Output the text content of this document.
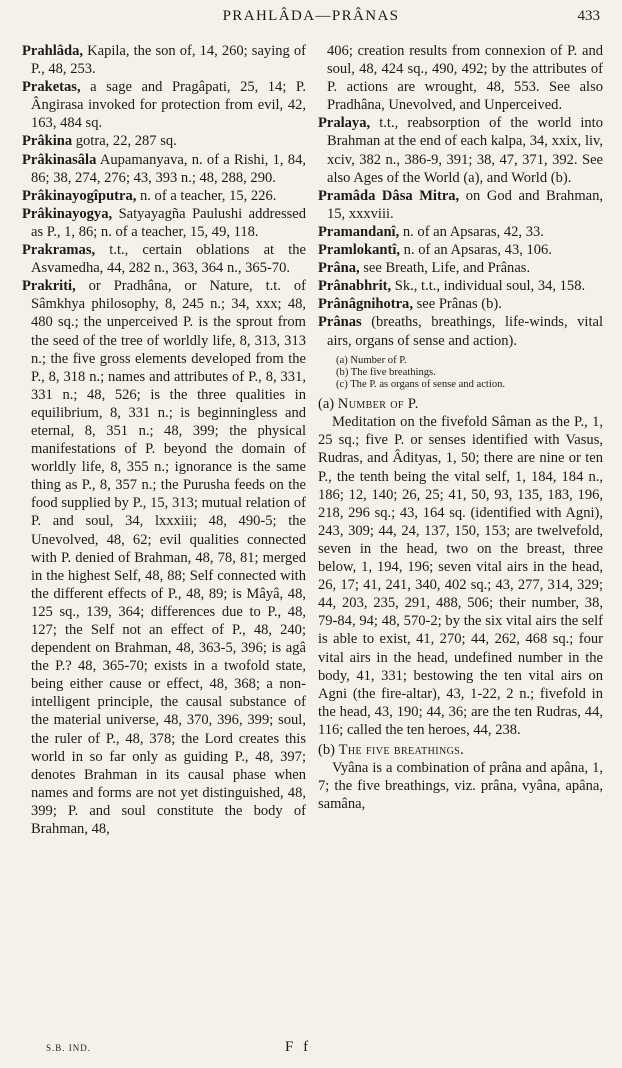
PRAHLÂDA—PRÂNAS	433

Prahlâda, Kapila, the son of, 14, 260; saying of P., 48, 253.

Praketas, a sage and Pragâpati, 25, 14; P. Ângirasa invoked for protection from evil, 42, 163, 484 sq.

Prâkina gotra, 22, 287 sq.

Prâkinasâla Aupamanyava, n. of a Rishi, 1, 84, 86; 38, 274, 276; 43, 393 n.; 48, 288, 290.

Prâkinayogîputra, n. of a teacher, 15, 226.

Prâkinayogya, Satyayagña Paulushi addressed as P., 1, 86; n. of a teacher, 15, 49, 118.

Prakramas, t.t., certain oblations at the Asvamedha, 44, 282 n., 363, 364 n., 365-70.

Prakriti, or Pradhâna, or Nature, t.t. of Sâmkhya philosophy, 8, 245 n.; 34, xxx; 48, 480 sq.; the unperceived P. is the sprout from the seed of the tree of worldly life, 8, 313, 313 n.; the five gross elements developed from the P., 8, 318 n.; names and attributes of P., 8, 331, 331 n.; 48, 526; is the three qualities in equilibrium, 8, 331 n.; is beginningless and eternal, 8, 351 n.; 48, 399; the physical manifestations of P. beyond the domain of worldly life, 8, 355 n.; ignorance is the same thing as P., 8, 357 n.; the Purusha feeds on the food supplied by P., 15, 313; mutual relation of P. and soul, 34, lxxxiii; 48, 490-5; the Unevolved, 48, 62; evil qualities connected with P. denied of Brahman, 48, 78, 81; merged in the highest Self, 48, 88; Self connected with the different effects of P., 48, 89; is Mâyâ, 48, 125 sq., 139, 364; differences due to P., 48, 127; the Self not an effect of P., 48, 240; dependent on Brahman, 48, 363-5, 396; is agâ the P.? 48, 365-70; exists in a twofold state, being either cause or effect, 48, 368; a non-intelligent principle, the causal substance of the material universe, 48, 370, 396, 399; soul, the ruler of P., 48, 378; the Lord creates this world in so far only as guiding P., 48, 397; denotes Brahman in its causal phase when names and forms are not yet distinguished, 48, 399; P. and soul constitute the body of Brahman, 48,

406; creation results from connexion of P. and soul, 48, 424 sq., 490, 492; by the attributes of P. actions are wrought, 48, 553. See also Pradhâna, Unevolved, and Unperceived.

Pralaya, t.t., reabsorption of the world into Brahman at the end of each kalpa, 34, xxix, liv, xciv, 382 n., 386-9, 391; 38, 47, 371, 392. See also Ages of the World (a), and World (b).

Pramâda Dâsa Mitra, on God and Brahman, 15, xxxviii.

Pramandanî, n. of an Apsaras, 42, 33.

Pramlokantî, n. of an Apsaras, 43, 106.

Prâna, see Breath, Life, and Prânas.

Prânabhrit, Sk., t.t., individual soul, 34, 158.

Prânâgnihotra, see Prânas (b).

Prânas (breaths, breathings, life-winds, vital airs, organs of sense and action).

(a) Number of P.
(b) The five breathings.
(c) The P. as organs of sense and action.
(a) Number of P.

Meditation on the fivefold Sâman as the P., 1, 25 sq.; five P. or senses identified with Vasus, Rudras, and Âdityas, 1, 50; there are nine or ten P., the tenth being the vital self, 1, 184, 184 n., 186; 12, 140; 26, 25; 41, 50, 93, 135, 183, 196, 218, 296 sq.; 43, 164 sq. (identified with Agni), 243, 309; 44, 24, 137, 150, 153; are twelvefold, seven in the head, two on the breast, three below, 1, 194, 196; seven vital airs in the head, 26, 17; 41, 241, 340, 402 sq.; 43, 277, 314, 329; 44, 203, 235, 291, 488, 506; their number, 38, 79-84, 94; 48, 570-2; by the six vital airs the self is able to exist, 41, 270; 44, 262, 468 sq.; four vital airs in the head, undefined number in the body, 41, 331; bestowing the ten vital airs on Agni (the fire-altar), 43, 1-22, 2 n.; fivefold in the head, 43, 190; 44, 36; are the ten Rudras, 44, 116; called the ten heroes, 44, 238.

(b) The five breathings.

Vyâna is a combination of prâna and apâna, 1, 7; the five breathings, viz. prâna, vyâna, apâna, samâna,

S.B. IND.	F f
